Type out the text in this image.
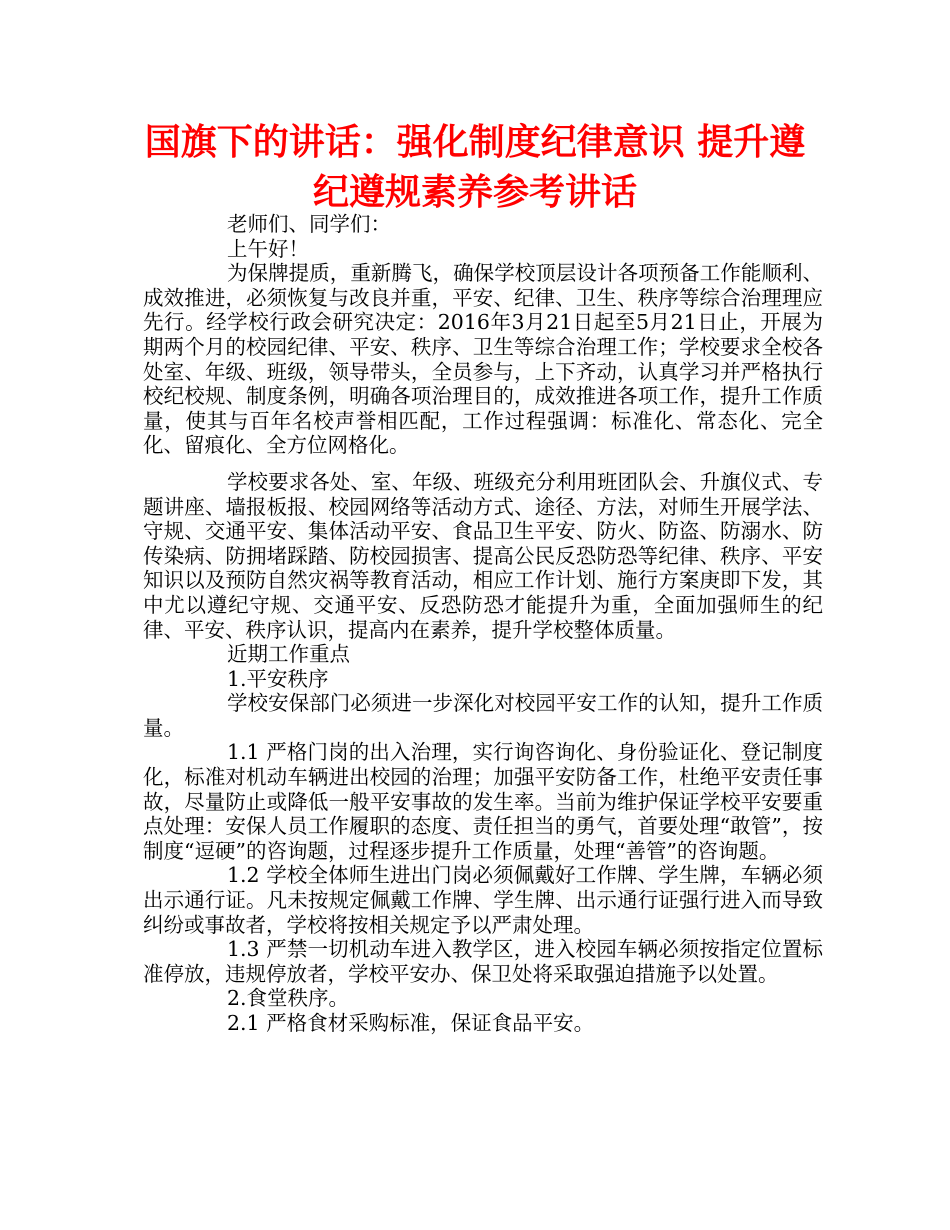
国旗下的讲话：强化制度纪律意识 提升遵纪遵规素养参考讲话

老师们、同学们：

上午好！

为保牌提质，重新腾飞，确保学校顶层设计各项预备工作能顺利、成效推进，必须恢复与改良并重，平安、纪律、卫生、秩序等综合治理理应先行。经学校行政会研究决定：2016年3月21日起至5月21日止，开展为期两个月的校园纪律、平安、秩序、卫生等综合治理工作；学校要求全校各处室、年级、班级，领导带头，全员参与，上下齐动，认真学习并严格执行校纪校规、制度条例，明确各项治理目的，成效推进各项工作，提升工作质量，使其与百年名校声誉相匹配，工作过程强调：标准化、常态化、完全化、留痕化、全方位网格化。

学校要求各处、室、年级、班级充分利用班团队会、升旗仪式、专题讲座、墙报板报、校园网络等活动方式、途径、方法，对师生开展学法、守规、交通平安、集体活动平安、食品卫生平安、防火、防盗、防溺水、防传染病、防拥堵踩踏、防校园损害、提高公民反恐防恐等纪律、秩序、平安知识以及预防自然灾祸等教育活动，相应工作计划、施行方案庚即下发，其中尤以遵纪守规、交通平安、反恐防恐才能提升为重，全面加强师生的纪律、平安、秩序认识，提高内在素养，提升学校整体质量。

近期工作重点

1.平安秩序

学校安保部门必须进一步深化对校园平安工作的认知，提升工作质量。

1.1 严格门岗的出入治理，实行询咨询化、身份验证化、登记制度化，标准对机动车辆进出校园的治理；加强平安防备工作，杜绝平安责任事故，尽量防止或降低一般平安事故的发生率。当前为维护保证学校平安要重点处理：安保人员工作履职的态度、责任担当的勇气，首要处理“敢管”，按制度“逗硬”的咨询题，过程逐步提升工作质量，处理“善管”的咨询题。

1.2 学校全体师生进出门岗必须佩戴好工作牌、学生牌，车辆必须出示通行证。凡未按规定佩戴工作牌、学生牌、出示通行证强行进入而导致纠纷或事故者，学校将按相关规定予以严肃处理。

1.3 严禁一切机动车进入教学区，进入校园车辆必须按指定位置标准停放，违规停放者，学校平安办、保卫处将采取强迫措施予以处置。

2.食堂秩序。

2.1 严格食材采购标准，保证食品平安。
